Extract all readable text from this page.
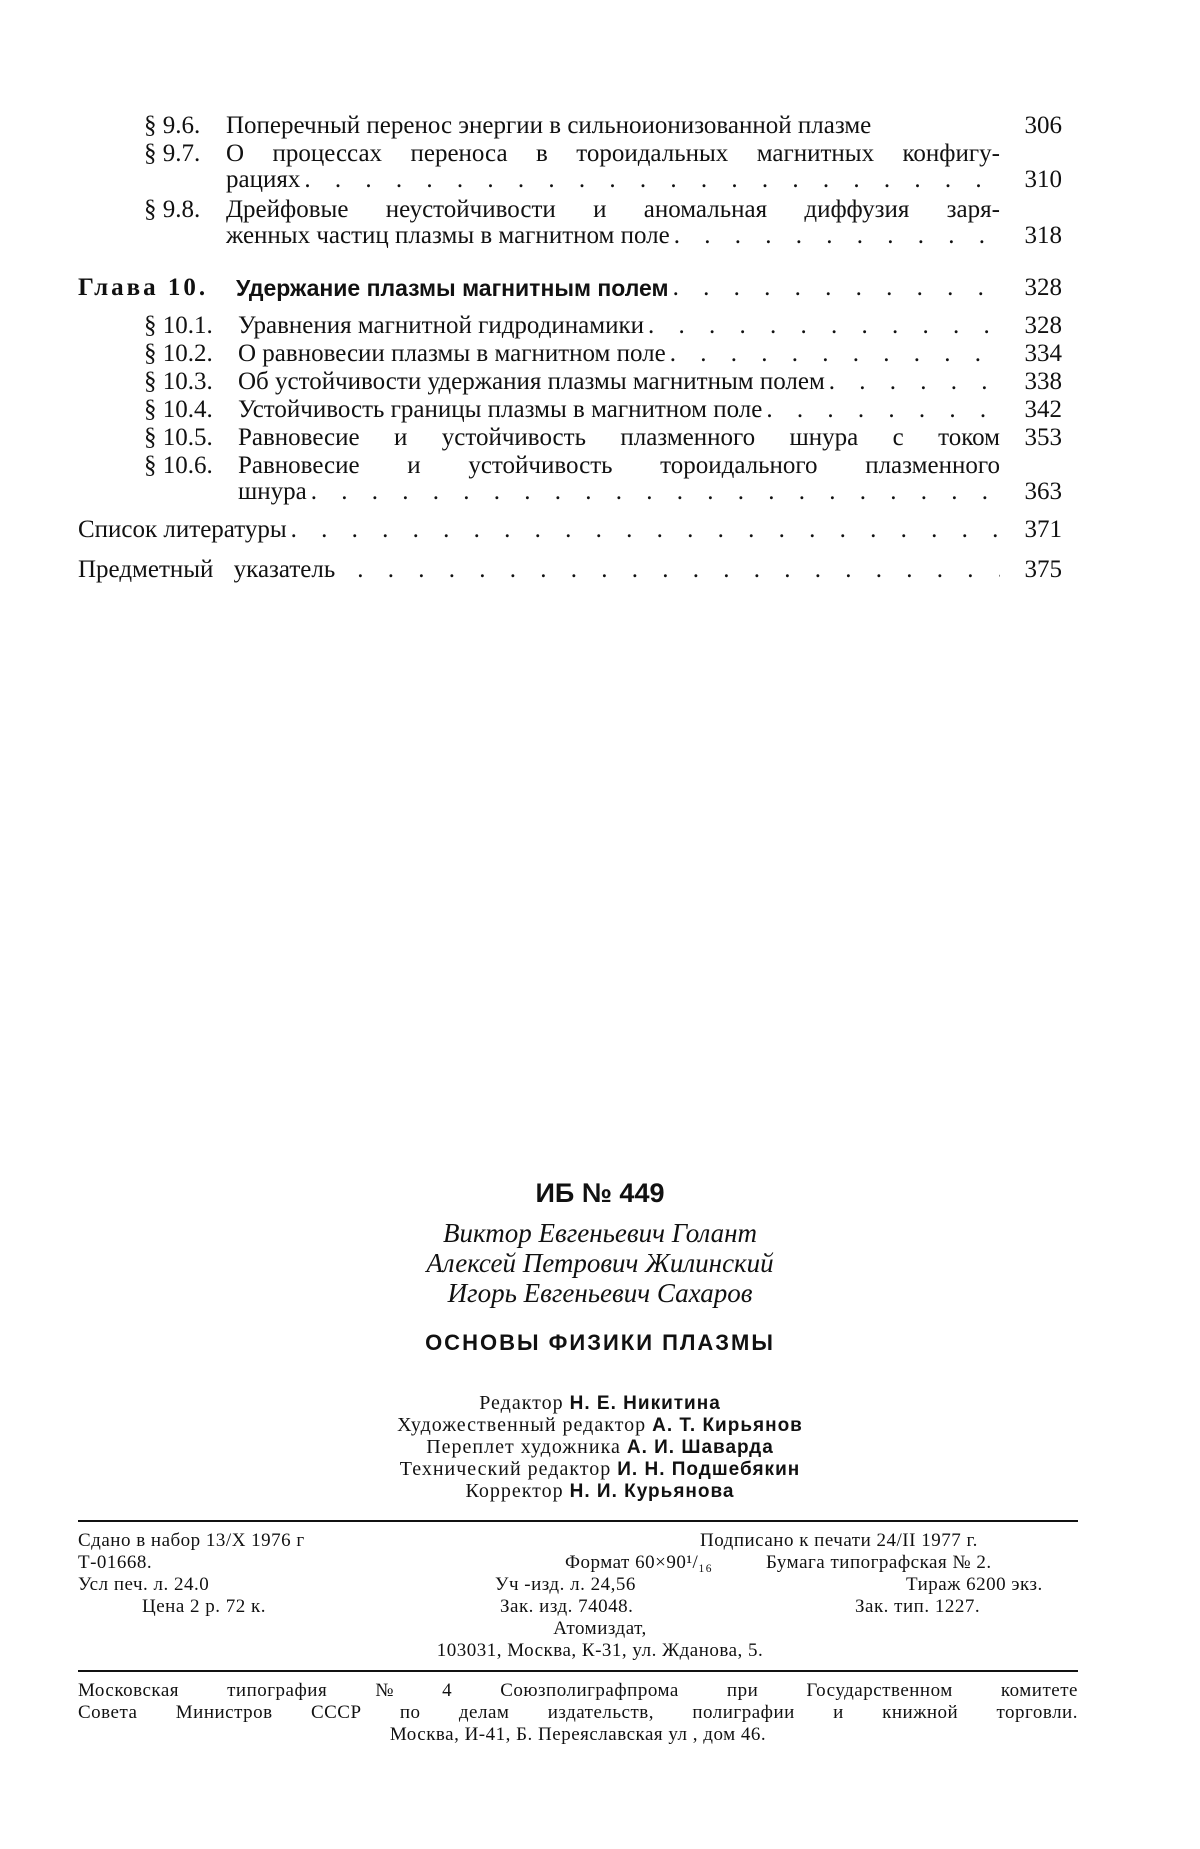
§ 9.6.	Поперечный перенос энергии в сильноионизованной плазме	306
§ 9.7.	О процессах переноса в тороидальных магнитных конфигу-
рациях . . .	310
§ 9.8.	Дрейфовые неустойчивости и аномальная диффузия заря-
женных частиц плазмы в магнитном поле . . .	318
Глава 10.	Удержание плазмы магнитным полем . . .	328
§ 10.1.	Уравнения магнитной гидродинамики . . .	328
§ 10.2.	О равновесии плазмы в магнитном поле . . .	334
§ 10.3.	Об устойчивости удержания плазмы магнитным полем . . .	338
§ 10.4.	Устойчивость границы плазмы в магнитном поле . . .	342
§ 10.5.	Равновесие и устойчивость плазменного шнура с током 353
§ 10.6.	Равновесие и устойчивость тороидального плазменного
шнура . . .	363
Список литературы . . .	371
Предметный указатель . . .	375
ИБ № 449
Виктор Евгеньевич Голант
Алексей Петрович Жилинский
Игорь Евгеньевич Сахаров
ОСНОВЫ ФИЗИКИ ПЛАЗМЫ
Редактор Н. Е. Никитина
Художественный редактор А. Т. Кирьянов
Переплет художника А. И. Шаварда
Технический редактор И. Н. Подшебякин
Корректор Н. И. Курьянова
Сдано в набор 13/X 1976 г	Подписано к печати 24/II 1977 г.
Т-01668.	Формат 60×90¹/₁₆	Бумага типографская № 2.
Усл печ. л. 24.0	Уч -изд. л. 24,56	Тираж 6200 экз.
Цена 2 р. 72 к.	Зак. изд. 74048.	Зак. тип. 1227.
Атомиздат,
103031, Москва, К-31, ул. Жданова, 5.
Московская	типография	№	4	Союзполиграфпрома	при	Государственном	комитете
Совета Министров СССР по делам издательств, полиграфии и книжной торговли.
Москва, И-41, Б. Переяславская ул , дом 46.
